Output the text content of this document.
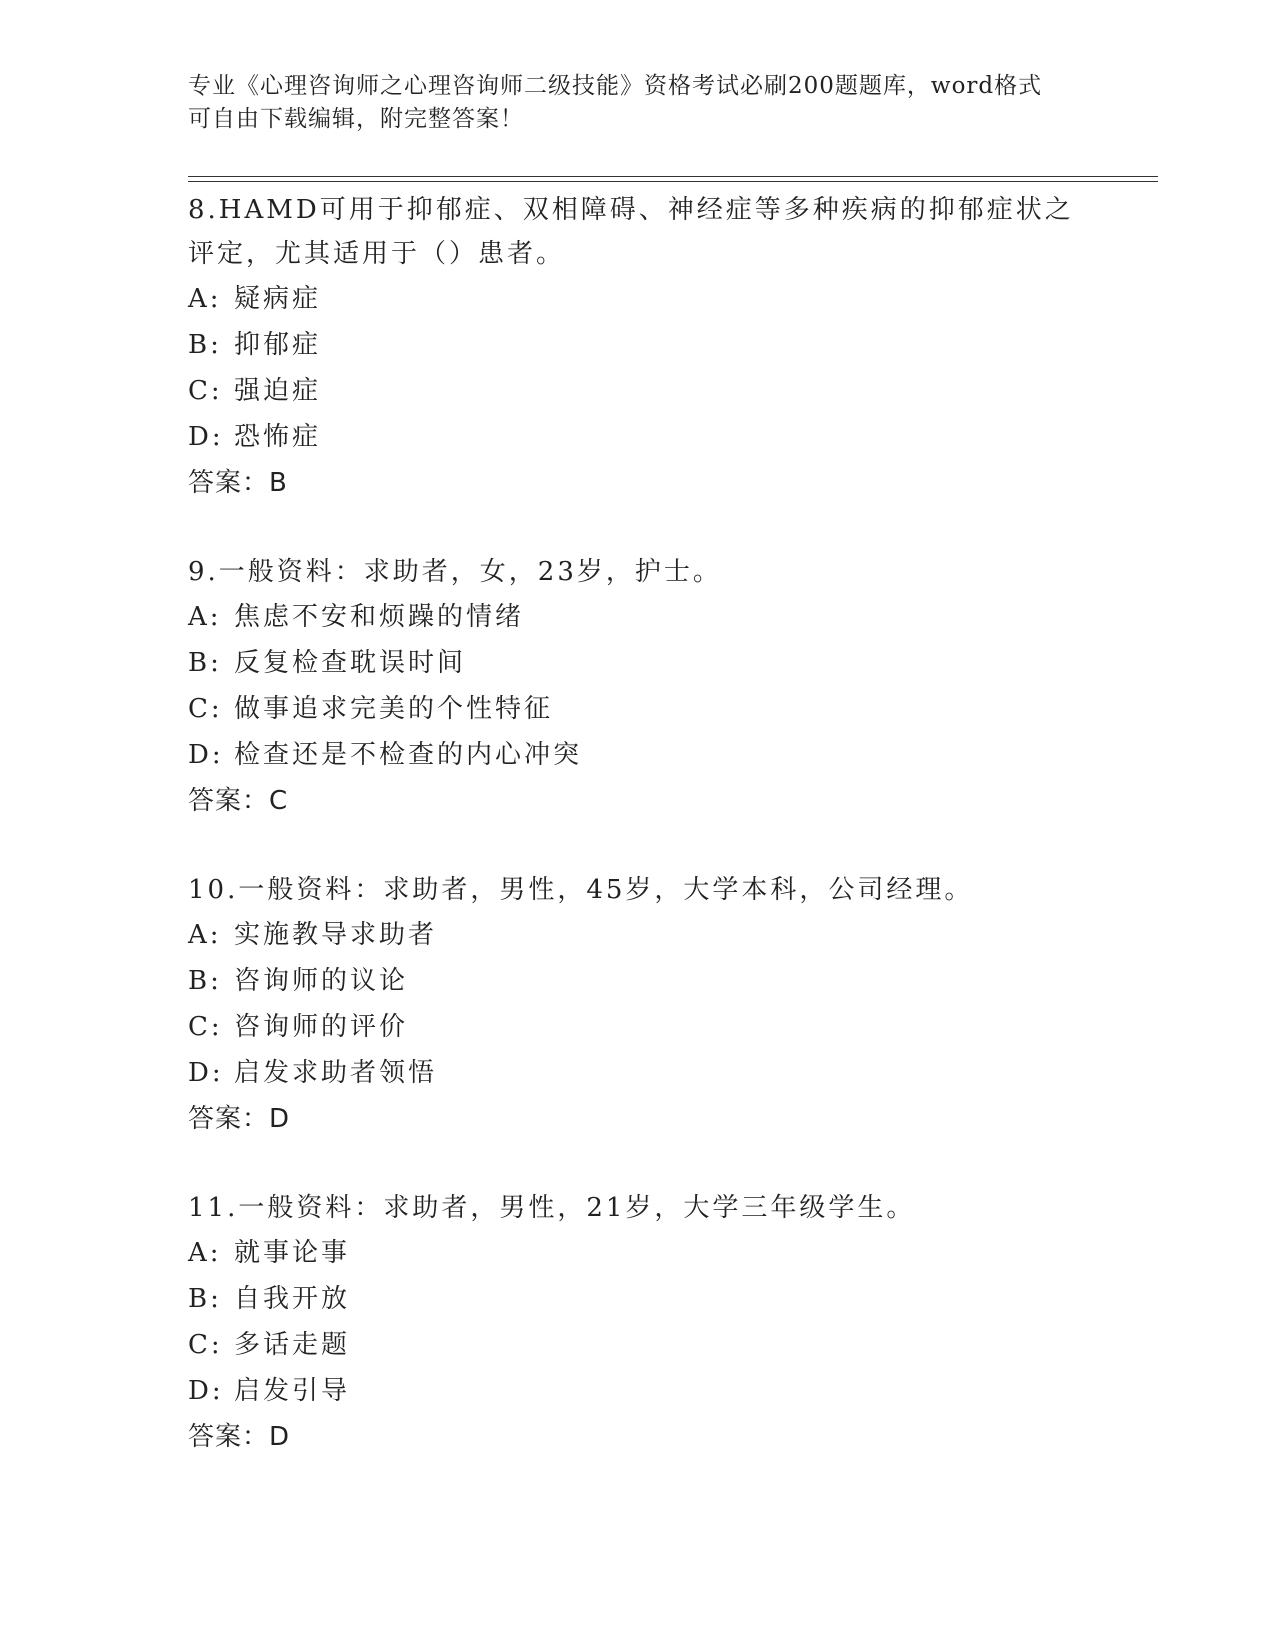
专业《心理咨询师之心理咨询师二级技能》资格考试必刷200题题库，word格式
可自由下载编辑，附完整答案！
8.HAMD可用于抑郁症、双相障碍、神经症等多种疾病的抑郁症状之评定，尤其适用于（）患者。
A: 疑病症
B: 抑郁症
C: 强迫症
D: 恐怖症
答案：B
9.一般资料：求助者，女，23岁，护士。
A: 焦虑不安和烦躁的情绪
B: 反复检查耽误时间
C: 做事追求完美的个性特征
D: 检查还是不检查的内心冲突
答案：C
10.一般资料：求助者，男性，45岁，大学本科，公司经理。
A: 实施教导求助者
B: 咨询师的议论
C: 咨询师的评价
D: 启发求助者领悟
答案：D
11.一般资料：求助者，男性，21岁，大学三年级学生。
A: 就事论事
B: 自我开放
C: 多话走题
D: 启发引导
答案：D
